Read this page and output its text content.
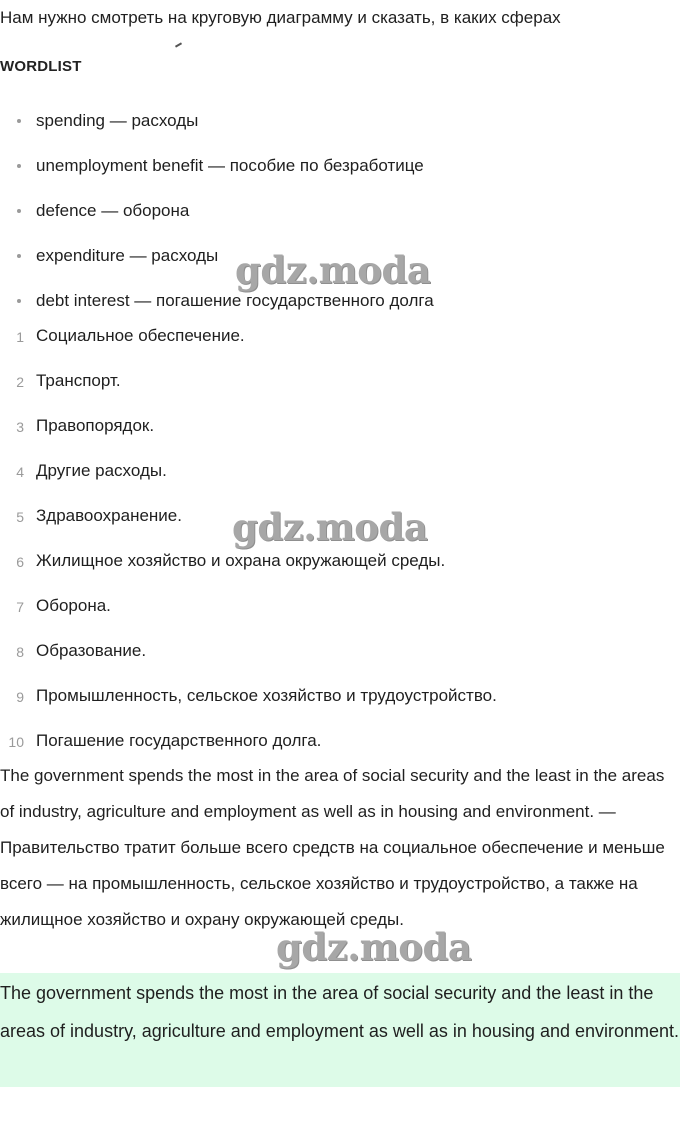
Нам нужно смотреть на круговую диаграмму и сказать, в каких сферах
WORDLIST
spending — расходы
unemployment benefit — пособие по безработице
defence — оборона
expenditure — расходы
debt interest — погашение государственного долга
1 Социальное обеспечение.
2 Транспорт.
3 Правопорядок.
4 Другие расходы.
5 Здравоохранение.
6 Жилищное хозяйство и охрана окружающей среды.
7 Оборона.
8 Образование.
9 Промышленность, сельское хозяйство и трудоустройство.
10 Погашение государственного долга.

The government spends the most in the area of social security and the least in the areas of industry, agriculture and employment as well as in housing and environment. — Правительство тратит больше всего средств на социальное обеспечение и меньше всего — на промышленность, сельское хозяйство и трудоустройство, а также на жилищное хозяйство и охрану окружающей среды.

The government spends the most in the area of social security and the least in the areas of industry, agriculture and employment as well as in housing and environment.

gdz.moda
gdz.moda
gdz.moda
